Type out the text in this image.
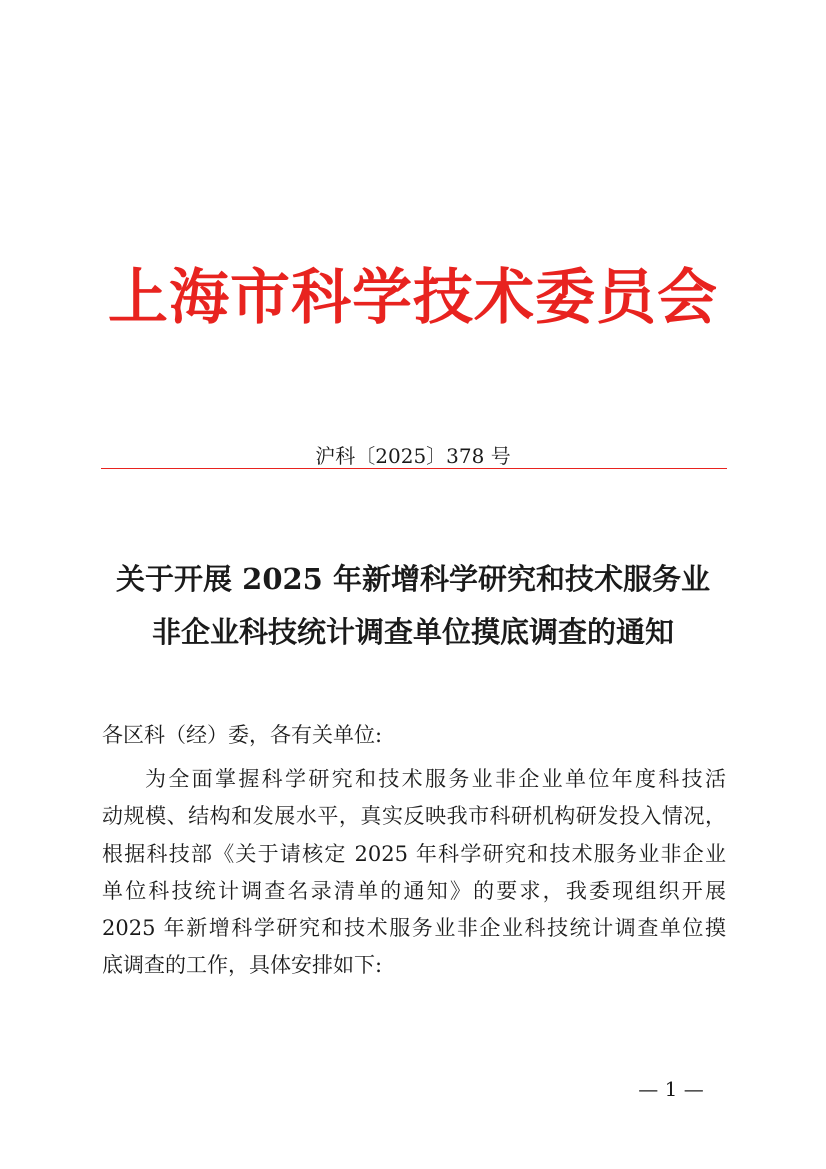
上海市科学技术委员会
沪科〔2025〕378 号
关于开展 2025 年新增科学研究和技术服务业
非企业科技统计调查单位摸底调查的通知
各区科（经）委，各有关单位:
为全面掌握科学研究和技术服务业非企业单位年度科技活
动规模、结构和发展水平，真实反映我市科研机构研发投入情况，
根据科技部《关于请核定 2025 年科学研究和技术服务业非企业
单位科技统计调查名录清单的通知》的要求，我委现组织开展
2025 年新增科学研究和技术服务业非企业科技统计调查单位摸
底调查的工作，具体安排如下:
— 1 —
